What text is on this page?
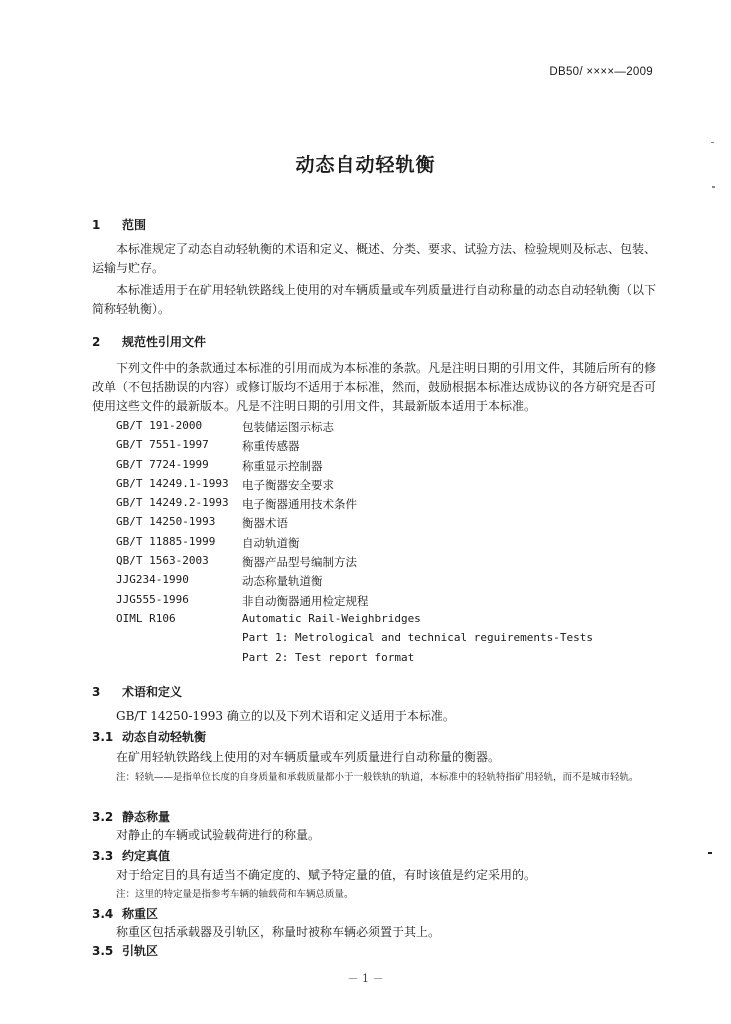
DB50/ ××××—2009
动态自动轻轨衡
1 范围
本标准规定了动态自动轻轨衡的术语和定义、概述、分类、要求、试验方法、检验规则及标志、包装、运输与贮存。
本标准适用于在矿用轻轨铁路线上使用的对车辆质量或车列质量进行自动称量的动态自动轻轨衡（以下简称轻轨衡）。
2 规范性引用文件
下列文件中的条款通过本标准的引用而成为本标准的条款。凡是注明日期的引用文件，其随后所有的修改单（不包括勘误的内容）或修订版均不适用于本标准，然而，鼓励根据本标准达成协议的各方研究是否可使用这些文件的最新版本。凡是不注明日期的引用文件，其最新版本适用于本标准。
GB/T 191-2000	包装储运图示标志
GB/T 7551-1997	称重传感器
GB/T 7724-1999	称重显示控制器
GB/T 14249.1-1993	电子衡器安全要求
GB/T 14249.2-1993	电子衡器通用技术条件
GB/T 14250-1993	衡器术语
GB/T 11885-1999	自动轨道衡
QB/T 1563-2003	衡器产品型号编制方法
JJG234-1990	动态称量轨道衡
JJG555-1996	非自动衡器通用检定规程
OIML R106	Automatic Rail-Weighbridges
Part 1: Metrological and technical reguirements-Tests
Part 2: Test report format
3 术语和定义
GB/T 14250-1993 确立的以及下列术语和定义适用于本标准。
3.1 动态自动轻轨衡
在矿用轻轨铁路线上使用的对车辆质量或车列质量进行自动称量的衡器。
注：轻轨——是指单位长度的自身质量和承载质量都小于一般铁轨的轨道，本标准中的轻轨特指矿用轻轨，而不是城市轻轨。
3.2 静态称量
对静止的车辆或试验载荷进行的称量。
3.3 约定真值
对于给定目的具有适当不确定度的、赋予特定量的值，有时该值是约定采用的。
注：这里的特定量是指参考车辆的轴载荷和车辆总质量。
3.4 称重区
称重区包括承载器及引轨区，称量时被称车辆必须置于其上。
3.5 引轨区
－ 1 －
